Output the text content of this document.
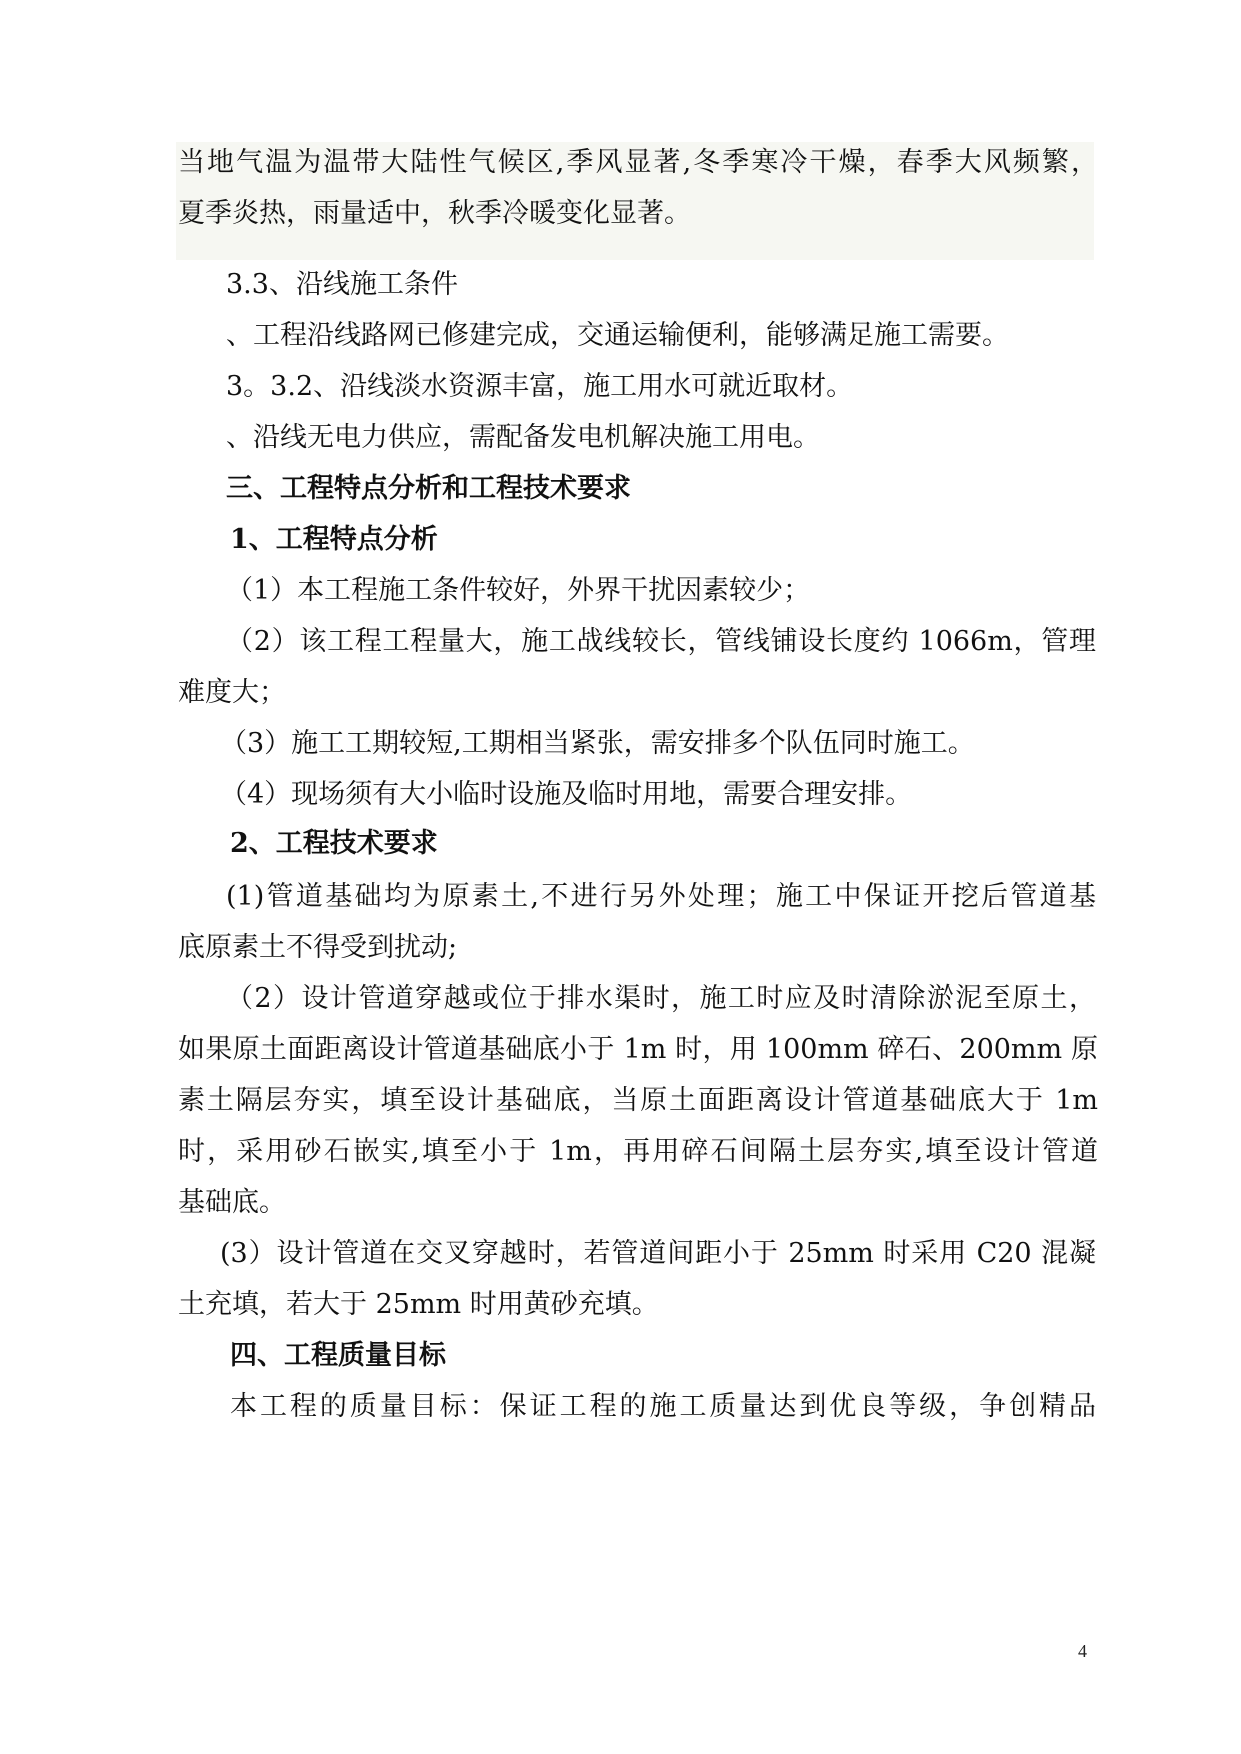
当地气温为温带大陆性气候区,季风显著,冬季寒冷干燥，春季大风频繁，
夏季炎热，雨量适中，秋季冷暖变化显著。
3.3、沿线施工条件
、工程沿线路网已修建完成，交通运输便利，能够满足施工需要。
3。3.2、沿线淡水资源丰富，施工用水可就近取材。
、沿线无电力供应，需配备发电机解决施工用电。
三、工程特点分析和工程技术要求
1、工程特点分析
（1）本工程施工条件较好，外界干扰因素较少；
（2）该工程工程量大，施工战线较长，管线铺设长度约 1066m，管理
难度大；
（3）施工工期较短,工期相当紧张，需安排多个队伍同时施工。
（4）现场须有大小临时设施及临时用地，需要合理安排。
2、工程技术要求
(1)管道基础均为原素土,不进行另外处理；施工中保证开挖后管道基
底原素土不得受到扰动;
（2）设计管道穿越或位于排水渠时，施工时应及时清除淤泥至原土，
如果原土面距离设计管道基础底小于 1m 时，用 100mm 碎石、200mm 原
素土隔层夯实，填至设计基础底，当原土面距离设计管道基础底大于 1m
时，采用砂石嵌实,填至小于 1m，再用碎石间隔土层夯实,填至设计管道
基础底。
(3）设计管道在交叉穿越时，若管道间距小于 25mm 时采用 C20 混凝
土充填，若大于 25mm 时用黄砂充填。
四、工程质量目标
本工程的质量目标：保证工程的施工质量达到优良等级，争创精品
4
